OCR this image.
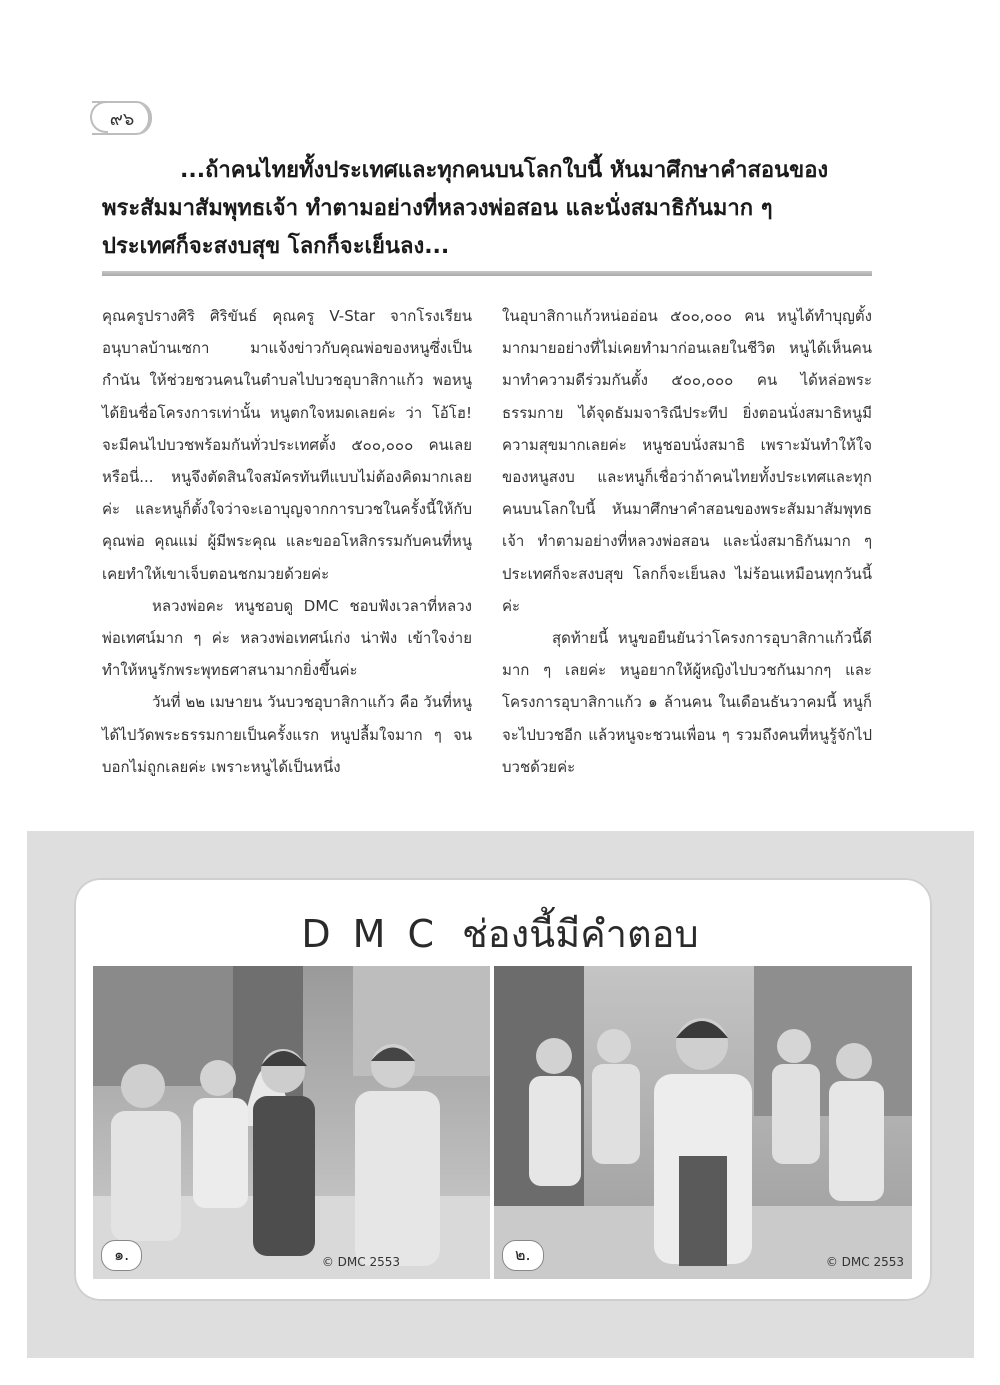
๙๖

...ถ้าคนไทยทั้งประเทศและทุกคนบนโลกใบนี้ หันมาศึกษาคำสอนของ

พระสัมมาสัมพุทธเจ้า ทำตามอย่างที่หลวงพ่อสอน และนั่งสมาธิกันมาก ๆ

ประเทศก็จะสงบสุข โลกก็จะเย็นลง...

คุณครูปรางศิริ ศิริขันธ์ คุณครู V-Star จากโรงเรียนอนุบาลบ้านเซกา มาแจ้งข่าวกับคุณพ่อของหนูซึ่งเป็นกำนัน ให้ช่วยชวนคนในตำบลไปบวชอุบาสิกาแก้ว พอหนูได้ยินชื่อโครงการเท่านั้น หนูตกใจหมดเลยค่ะ ว่า โอ้โฮ! จะมีคนไปบวชพร้อมกันทั่วประเทศตั้ง ๕๐๐,๐๐๐ คนเลยหรือนี่... หนูจึงตัดสินใจสมัครทันทีแบบไม่ต้องคิดมากเลยค่ะ และหนูก็ตั้งใจว่าจะเอาบุญจากการบวชในครั้งนี้ให้กับคุณพ่อ คุณแม่ ผู้มีพระคุณ และขออโหสิกรรมกับคนที่หนูเคยทำให้เขาเจ็บตอนชกมวยด้วยค่ะ

หลวงพ่อคะ หนูชอบดู DMC ชอบฟังเวลาที่หลวงพ่อเทศน์มาก ๆ ค่ะ หลวงพ่อเทศน์เก่ง น่าฟัง เข้าใจง่าย ทำให้หนูรักพระพุทธศาสนามากยิ่งขึ้นค่ะ

วันที่ ๒๒ เมษายน วันบวชอุบาสิกาแก้ว คือ วันที่หนูได้ไปวัดพระธรรมกายเป็นครั้งแรก หนูปลื้มใจมาก ๆ จนบอกไม่ถูกเลยค่ะ เพราะหนูได้เป็นหนึ่ง

ในอุบาสิกาแก้วหน่ออ่อน ๕๐๐,๐๐๐ คน หนูได้ทำบุญตั้งมากมายอย่างที่ไม่เคยทำมาก่อนเลยในชีวิต หนูได้เห็นคนมาทำความดีร่วมกันตั้ง ๕๐๐,๐๐๐ คน ได้หล่อพระธรรมกาย ได้จุดธัมมจาริณีประทีป ยิ่งตอนนั่งสมาธิหนูมีความสุขมากเลยค่ะ หนูชอบนั่งสมาธิ เพราะมันทำให้ใจของหนูสงบ และหนูก็เชื่อว่าถ้าคนไทยทั้งประเทศและทุกคนบนโลกใบนี้ หันมาศึกษาคำสอนของพระสัมมาสัมพุทธเจ้า ทำตามอย่างที่หลวงพ่อสอน และนั่งสมาธิกันมาก ๆ ประเทศก็จะสงบสุข โลกก็จะเย็นลง ไม่ร้อนเหมือนทุกวันนี้ค่ะ

สุดท้ายนี้ หนูขอยืนยันว่าโครงการอุบาสิกาแก้วนี้ดีมาก ๆ เลยค่ะ หนูอยากให้ผู้หญิงไปบวชกันมากๆ และโครงการอุบาสิกาแก้ว ๑ ล้านคน ในเดือนธันวาคมนี้ หนูก็จะไปบวชอีก แล้วหนูจะชวนเพื่อน ๆ รวมถึงคนที่หนูรู้จักไปบวชด้วยค่ะ

DMC ช่องนี้มีคำตอบ
๑.	© DMC 2553	๒.	© DMC 2553
